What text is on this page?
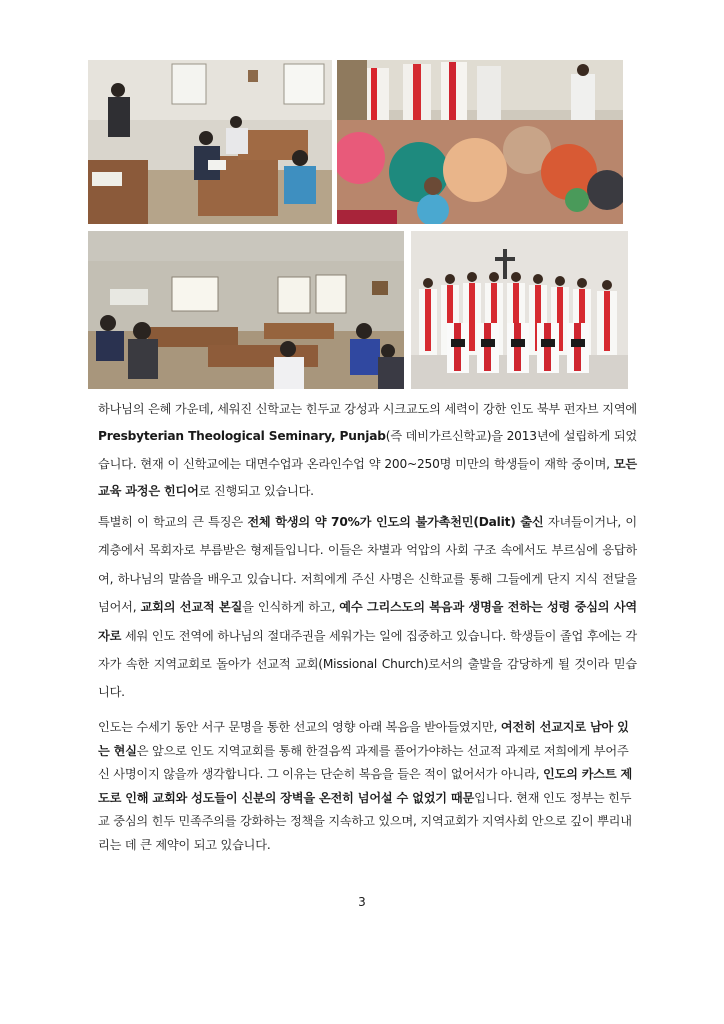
하나님의 은혜 가운데, 세워진 신학교는 힌두교 강성과 시크교도의 세력이 강한 인도 북부 펀자브 지역에 Presbyterian Theological Seminary, Punjab(즉 데비가르신학교)을 2013년에 설립하게 되었습니다. 현재 이 신학교에는 대면수업과 온라인수업 약 200~250명 미만의 학생들이 재학 중이며, 모든 교육 과정은 힌디어로 진행되고 있습니다.

특별히 이 학교의 큰 특징은 전체 학생의 약 70%가 인도의 불가촉천민(Dalit) 출신 자녀들이거나, 이 계층에서 목회자로 부름받은 형제들입니다. 이들은 차별과 억압의 사회 구조 속에서도 부르심에 응답하여, 하나님의 말씀을 배우고 있습니다. 저희에게 주신 사명은 신학교를 통해 그들에게 단지 지식 전달을 넘어서, 교회의 선교적 본질을 인식하게 하고, 예수 그리스도의 복음과 생명을 전하는 성령 중심의 사역자로 세워 인도 전역에 하나님의 절대주권을 세워가는 일에 집중하고 있습니다. 학생들이 졸업 후에는 각자가 속한 지역교회로 돌아가 선교적 교회(Missional Church)로서의 출발을 감당하게 될 것이라 믿습니다.

인도는 수세기 동안 서구 문명을 통한 선교의 영향 아래 복음을 받아들였지만, 여전히 선교지로 남아 있는 현실은 앞으로 인도 지역교회를 통해 한걸음씩 과제를 풀어가야하는 선교적 과제로 저희에게 부어주신 사명이지 않을까 생각합니다. 그 이유는 단순히 복음을 들은 적이 없어서가 아니라, 인도의 카스트 제도로 인해 교회와 성도들이 신분의 장벽을 온전히 넘어설 수 없었기 때문입니다. 현재 인도 정부는 힌두교 중심의 힌두 민족주의를 강화하는 정책을 지속하고 있으며, 지역교회가 지역사회 안으로 깊이 뿌리내리는 데 큰 제약이 되고 있습니다.

3
